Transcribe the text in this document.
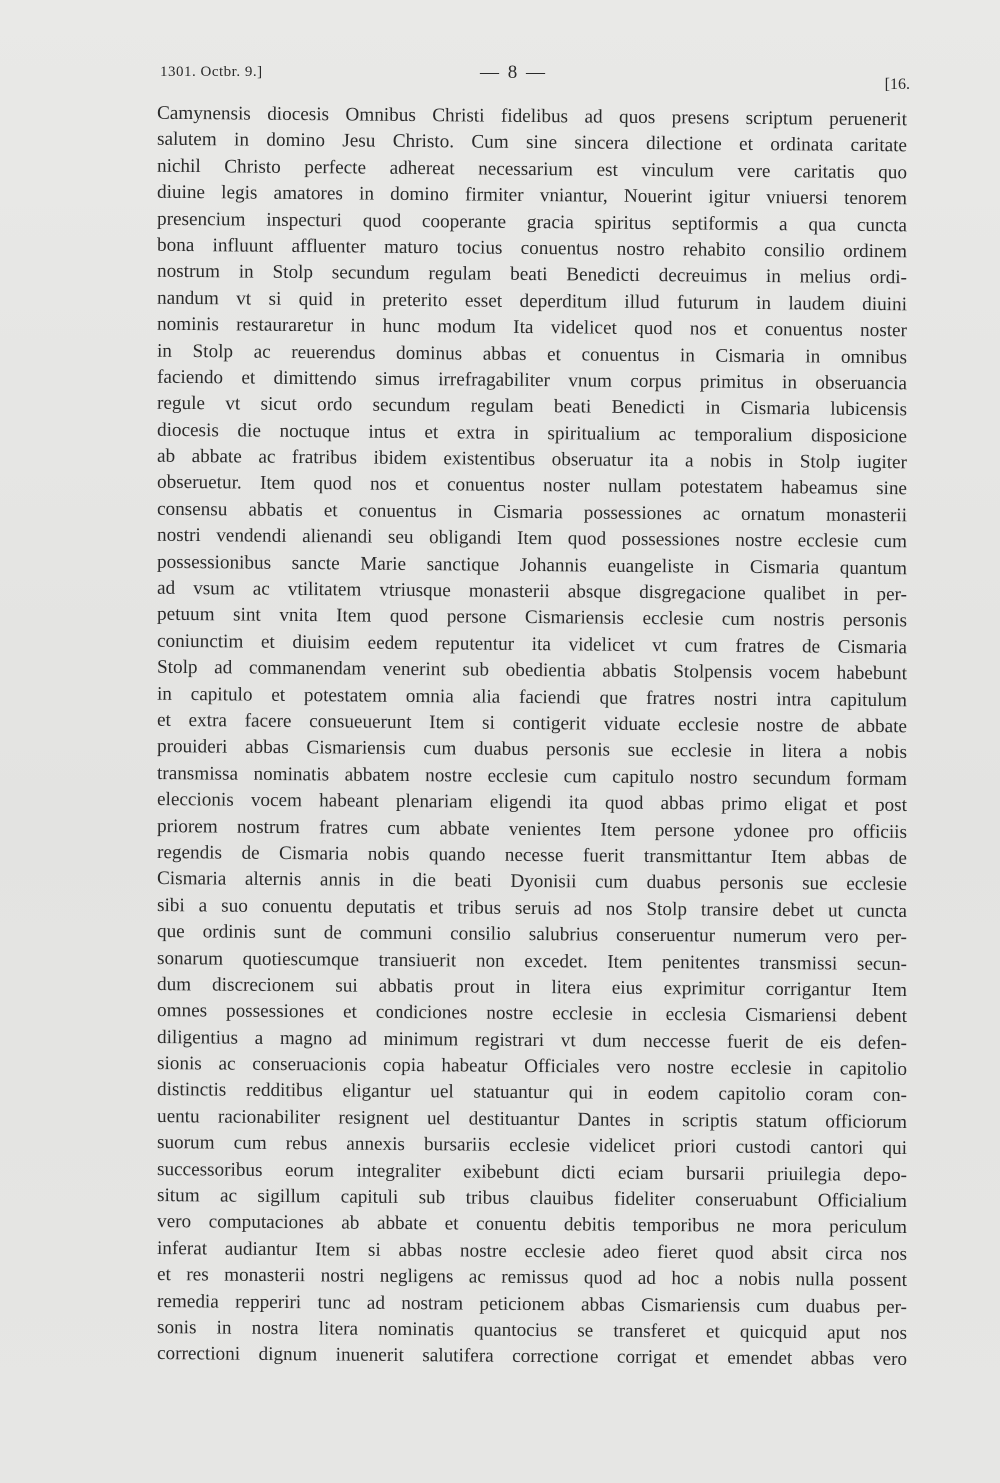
1301. Octbr. 9.]	— 8 —
[16.
Camynensis diocesis Omnibus Christi fidelibus ad quos presens scriptum peruenerit
salutem in domino Jesu Christo. Cum sine sincera dilectione et ordinata caritate
nichil Christo perfecte adhereat necessarium est vinculum vere caritatis quo
diuine legis amatores in domino firmiter vniantur, Nouerint igitur vniuersi tenorem
presencium inspecturi quod cooperante gracia spiritus septiformis a qua cuncta
bona influunt affluenter maturo tocius conuentus nostro rehabito consilio ordinem
nostrum in Stolp secundum regulam beati Benedicti decreuimus in melius ordi-
nandum vt si quid in preterito esset deperditum illud futurum in laudem diuini
nominis restauraretur in hunc modum Ita videlicet quod nos et conuentus noster
in Stolp ac reuerendus dominus abbas et conuentus in Cismaria in omnibus
faciendo et dimittendo simus irrefragabiliter vnum corpus primitus in obseruancia
regule vt sicut ordo secundum regulam beati Benedicti in Cismaria lubicensis
diocesis die noctuque intus et extra in spiritualium ac temporalium disposicione
ab abbate ac fratribus ibidem existentibus obseruatur ita a nobis in Stolp iugiter
obseruetur. Item quod nos et conuentus noster nullam potestatem habeamus sine
consensu abbatis et conuentus in Cismaria possessiones ac ornatum monasterii
nostri vendendi alienandi seu obligandi Item quod possessiones nostre ecclesie cum
possessionibus sancte Marie sanctique Johannis euangeliste in Cismaria quantum
ad vsum ac vtilitatem vtriusque monasterii absque disgregacione qualibet in per-
petuum sint vnita Item quod persone Cismariensis ecclesie cum nostris personis
coniunctim et diuisim eedem reputentur ita videlicet vt cum fratres de Cismaria
Stolp ad commanendam venerint sub obedientia abbatis Stolpensis vocem habebunt
in capitulo et potestatem omnia alia faciendi que fratres nostri intra capitulum
et extra facere consueuerunt Item si contigerit viduate ecclesie nostre de abbate
prouideri abbas Cismariensis cum duabus personis sue ecclesie in litera a nobis
transmissa nominatis abbatem nostre ecclesie cum capitulo nostro secundum formam
eleccionis vocem habeant plenariam eligendi ita quod abbas primo eligat et post
priorem nostrum fratres cum abbate venientes Item persone ydonee pro officiis
regendis de Cismaria nobis quando necesse fuerit transmittantur Item abbas de
Cismaria alternis annis in die beati Dyonisii cum duabus personis sue ecclesie
sibi a suo conuentu deputatis et tribus seruis ad nos Stolp transire debet ut cuncta
que ordinis sunt de communi consilio salubrius conseruentur numerum vero per-
sonarum quotiescumque transiuerit non excedet. Item penitentes transmissi secun-
dum discrecionem sui abbatis prout in litera eius exprimitur corrigantur Item
omnes possessiones et condiciones nostre ecclesie in ecclesia Cismariensi debent
diligentius a magno ad minimum registrari vt dum neccesse fuerit de eis defen-
sionis ac conseruacionis copia habeatur Officiales vero nostre ecclesie in capitolio
distinctis redditibus eligantur uel statuantur qui in eodem capitolio coram con-
uentu racionabiliter resignent uel destituantur Dantes in scriptis statum officiorum
suorum cum rebus annexis bursariis ecclesie videlicet priori custodi cantori qui
successoribus eorum integraliter exibebunt dicti eciam bursarii priuilegia depo-
situm ac sigillum capituli sub tribus clauibus fideliter conseruabunt Officialium
vero computaciones ab abbate et conuentu debitis temporibus ne mora periculum
inferat audiantur Item si abbas nostre ecclesie adeo fieret quod absit circa nos
et res monasterii nostri negligens ac remissus quod ad hoc a nobis nulla possent
remedia repperiri tunc ad nostram peticionem abbas Cismariensis cum duabus per-
sonis in nostra litera nominatis quantocius se transferet et quicquid aput nos
correctioni dignum inuenerit salutifera correctione corrigat et emendet abbas vero
